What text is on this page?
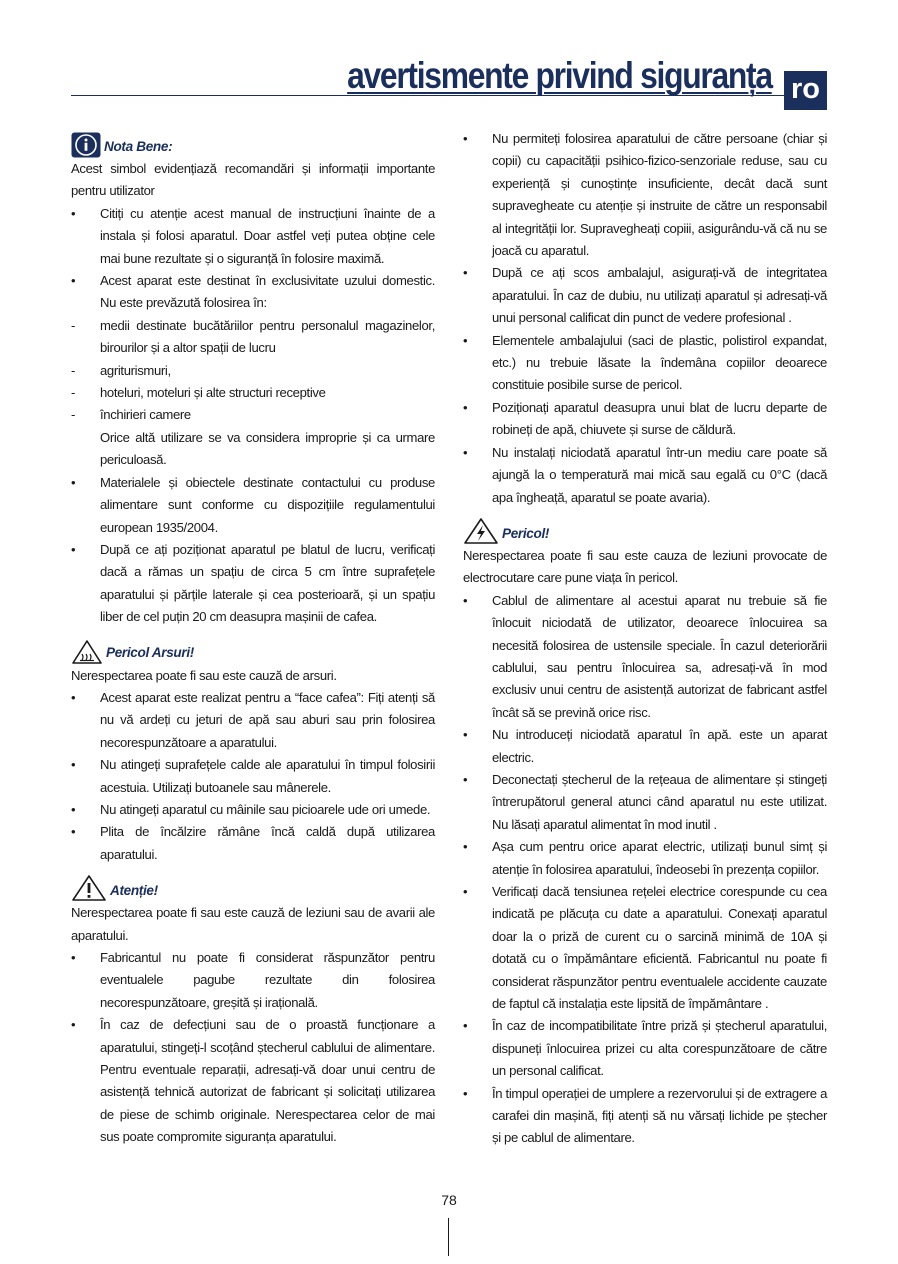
avertismente privind siguranța ro
Nota Bene:

Acest simbol evidențiază recomandări și informații importante pentru utilizator

• Citiți cu atenție acest manual de instrucțiuni înainte de a instala și folosi aparatul. Doar astfel veți putea obține cele mai bune rezultate și o siguranță în folosire maximă.
• Acest aparat este destinat în exclusivitate uzului domestic. Nu este prevăzută folosirea în:
- medii destinate bucătăriilor pentru personalul magazinelor, birourilor și a altor spații de lucru
- agriturismuri,
- hoteluri, moteluri și alte structuri receptive
- închirieri camere
Orice altă utilizare se va considera improprie și ca urmare periculoasă.
• Materialele și obiectele destinate contactului cu produse alimentare sunt conforme cu dispozițiile regulamentului european 1935/2004.
• După ce ați poziționat aparatul pe blatul de lucru, verificați dacă a rămas un spațiu de circa 5 cm între suprafețele aparatului și părțile laterale și cea posterioară, și un spațiu liber de cel puțin 20 cm deasupra mașinii de cafea.
Pericol Arsuri!

Nerespectarea poate fi sau este cauză de arsuri.

• Acest aparat este realizat pentru a “face cafea”: Fiți atenți să nu vă ardeți cu jeturi de apă sau aburi sau prin folosirea necorespunzătoare a aparatului.
• Nu atingeți suprafețele calde ale aparatului în timpul folosirii acestuia. Utilizați butoanele sau mânerele.
• Nu atingeți aparatul cu mâinile sau picioarele ude ori umede.
• Plita de încălzire rămâne încă caldă după utilizarea aparatului.
Atenție!

Nerespectarea poate fi sau este cauză de leziuni sau de avarii ale aparatului.

• Fabricantul nu poate fi considerat răspunzător pentru eventualele pagube rezultate din folosirea necorespunzătoare, greșită și irațională.
• În caz de defecțiuni sau de o proastă funcționare a aparatului, stingeți-l scoțând ștecherul cablului de alimentare. Pentru eventuale reparații, adresați-vă doar unui centru de asistență tehnică autorizat de fabricant și solicitați utilizarea de piese de schimb originale. Nerespectarea celor de mai sus poate compromite siguranța aparatului.
• Nu permiteți folosirea aparatului de către persoane (chiar și copii) cu capacității psihico-fizico-senzoriale reduse, sau cu experiență și cunoștințe insuficiente, decât dacă sunt supravegheate cu atenție și instruite de către un responsabil al integrității lor. Supravegheați copiii, asigurându-vă că nu se joacă cu aparatul.
• După ce ați scos ambalajul, asigurați-vă de integritatea aparatului. În caz de dubiu, nu utilizați aparatul și adresați-vă unui personal calificat din punct de vedere profesional .
• Elementele ambalajului (saci de plastic, polistirol expandat, etc.) nu trebuie lăsate la îndemâna copiilor deoarece constituie posibile surse de pericol.
• Poziționați aparatul deasupra unui blat de lucru departe de robineți de apă, chiuvete și surse de căldură.
• Nu instalați niciodată aparatul într-un mediu care poate să ajungă la o temperatură mai mică sau egală cu 0°C (dacă apa îngheață, aparatul se poate avaria).
Pericol!

Nerespectarea poate fi sau este cauza de leziuni provocate de electrocutare care pune viața în pericol.

• Cablul de alimentare al acestui aparat nu trebuie să fie înlocuit niciodată de utilizator, deoarece înlocuirea sa necesită folosirea de ustensile speciale. În cazul deteriorării cablului, sau pentru înlocuirea sa, adresați-vă în mod exclusiv unui centru de asistență autorizat de fabricant astfel încât să se prevină orice risc.
• Nu introduceți niciodată aparatul în apă. este un aparat electric.
• Deconectați ștecherul de la rețeaua de alimentare și stingeți întrerupătorul general atunci când aparatul nu este utilizat. Nu lăsați aparatul alimentat în mod inutil .
• Așa cum pentru orice aparat electric, utilizați bunul simț și atenție în folosirea aparatului, îndeosebi în prezența copiilor.
• Verificați dacă tensiunea rețelei electrice corespunde cu cea indicată pe plăcuța cu date a aparatului. Conexați aparatul doar la o priză de curent cu o sarcină minimă de 10A și dotată cu o împământare eficientă. Fabricantul nu poate fi considerat răspunzător pentru eventualele accidente cauzate de faptul că instalația este lipsită de împământare .
• În caz de incompatibilitate între priză și ștecherul aparatului, dispuneți înlocuirea prizei cu alta corespunzătoare de către un personal calificat.
• În timpul operației de umplere a rezervorului și de extragere a carafei din mașină, fiți atenți să nu vărsați lichide pe ștecher și pe cablul de alimentare.
78
